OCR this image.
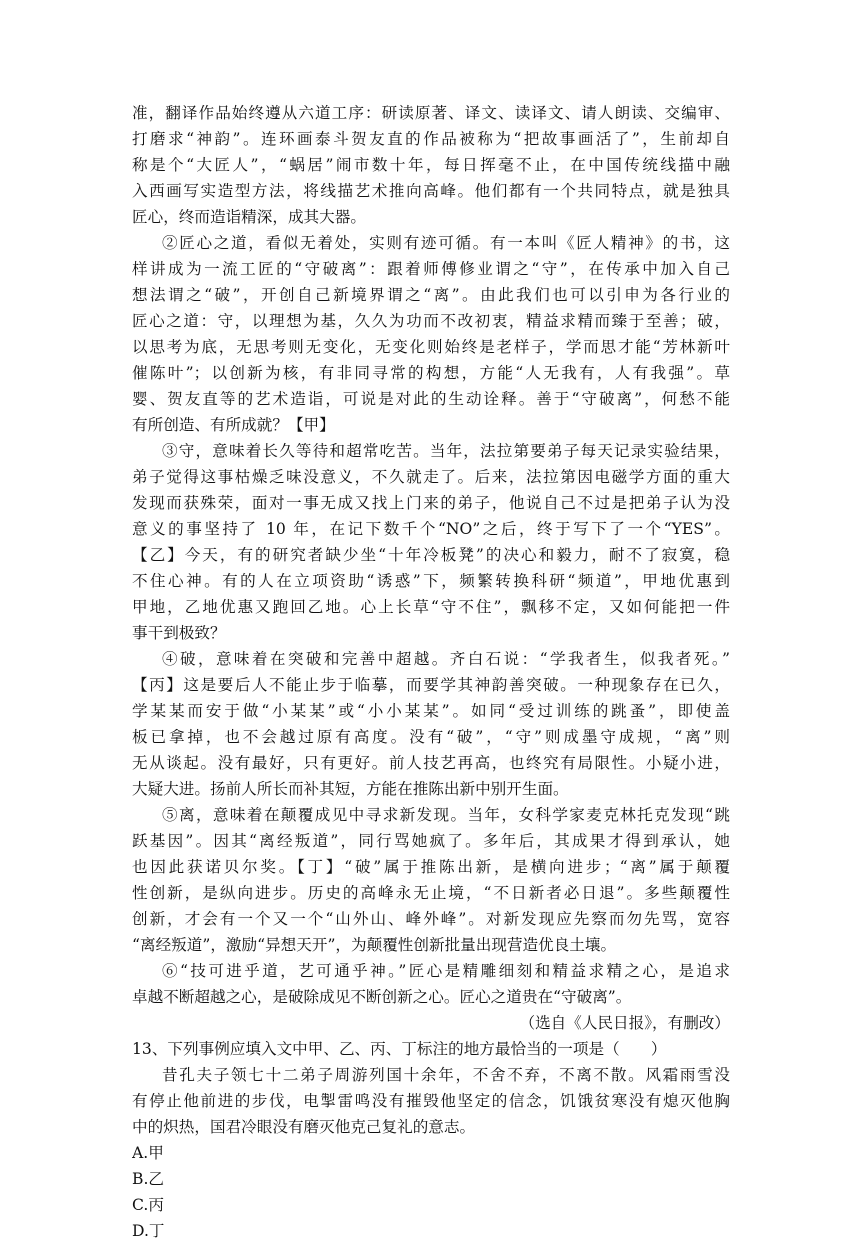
准，翻译作品始终遵从六道工序：研读原著、译文、读译文、请人朗读、交编审、
打磨求“神韵”。连环画泰斗贺友直的作品被称为“把故事画活了”，生前却自
称是个“大匠人”，“蜗居”闹市数十年，每日挥毫不止，在中国传统线描中融
入西画写实造型方法，将线描艺术推向高峰。他们都有一个共同特点，就是独具
匠心，终而造诣精深，成其大器。
②匠心之道，看似无着处，实则有迹可循。有一本叫《匠人精神》的书，这
样讲成为一流工匠的“守破离”：跟着师傅修业谓之“守”，在传承中加入自己
想法谓之“破”，开创自己新境界谓之“离”。由此我们也可以引申为各行业的
匠心之道：守，以理想为基，久久为功而不改初衷，精益求精而臻于至善；破，
以思考为底，无思考则无变化，无变化则始终是老样子，学而思才能“芳林新叶
催陈叶”；以创新为核，有非同寻常的构想，方能“人无我有，人有我强”。草
婴、贺友直等的艺术造诣，可说是对此的生动诠释。善于“守破离”，何愁不能
有所创造、有所成就？【甲】
③守，意味着长久等待和超常吃苦。当年，法拉第要弟子每天记录实验结果，
弟子觉得这事枯燥乏味没意义，不久就走了。后来，法拉第因电磁学方面的重大
发现而获殊荣，面对一事无成又找上门来的弟子，他说自己不过是把弟子认为没
意义的事坚持了 10 年，在记下数千个“NO”之后，终于写下了一个“YES”。
【乙】今天，有的研究者缺少坐“十年冷板凳”的决心和毅力，耐不了寂寞，稳
不住心神。有的人在立项资助“诱惑”下，频繁转换科研“频道”，甲地优惠到
甲地，乙地优惠又跑回乙地。心上长草“守不住”，飘移不定，又如何能把一件
事干到极致？
④破，意味着在突破和完善中超越。齐白石说：“学我者生，似我者死。”
【丙】这是要后人不能止步于临摹，而要学其神韵善突破。一种现象存在已久，
学某某而安于做“小某某”或“小小某某”。如同“受过训练的跳蚤”，即使盖
板已拿掉，也不会越过原有高度。没有“破”，“守”则成墨守成规，“离”则
无从谈起。没有最好，只有更好。前人技艺再高，也终究有局限性。小疑小进，
大疑大进。扬前人所长而补其短，方能在推陈出新中别开生面。
⑤离，意味着在颠覆成见中寻求新发现。当年，女科学家麦克林托克发现“跳
跃基因”。因其“离经叛道”，同行骂她疯了。多年后，其成果才得到承认，她
也因此获诺贝尔奖。【丁】“破”属于推陈出新，是横向进步；“离”属于颠覆
性创新，是纵向进步。历史的高峰永无止境，“不日新者必日退”。多些颠覆性
创新，才会有一个又一个“山外山、峰外峰”。对新发现应先察而勿先骂，宽容
“离经叛道”，激励“异想天开”，为颠覆性创新批量出现营造优良土壤。
⑥“技可进乎道，艺可通乎神。”匠心是精雕细刻和精益求精之心，是追求
卓越不断超越之心，是破除成见不断创新之心。匠心之道贵在“守破离”。
（选自《人民日报》，有删改）
13、下列事例应填入文中甲、乙、丙、丁标注的地方最恰当的一项是（　　）
昔孔夫子领七十二弟子周游列国十余年，不舍不弃，不离不散。风霜雨雪没
有停止他前进的步伐，电掣雷鸣没有摧毁他坚定的信念，饥饿贫寒没有熄灭他胸
中的炽热，国君冷眼没有磨灭他克己复礼的意志。
A.甲
B.乙
C.丙
D.丁
